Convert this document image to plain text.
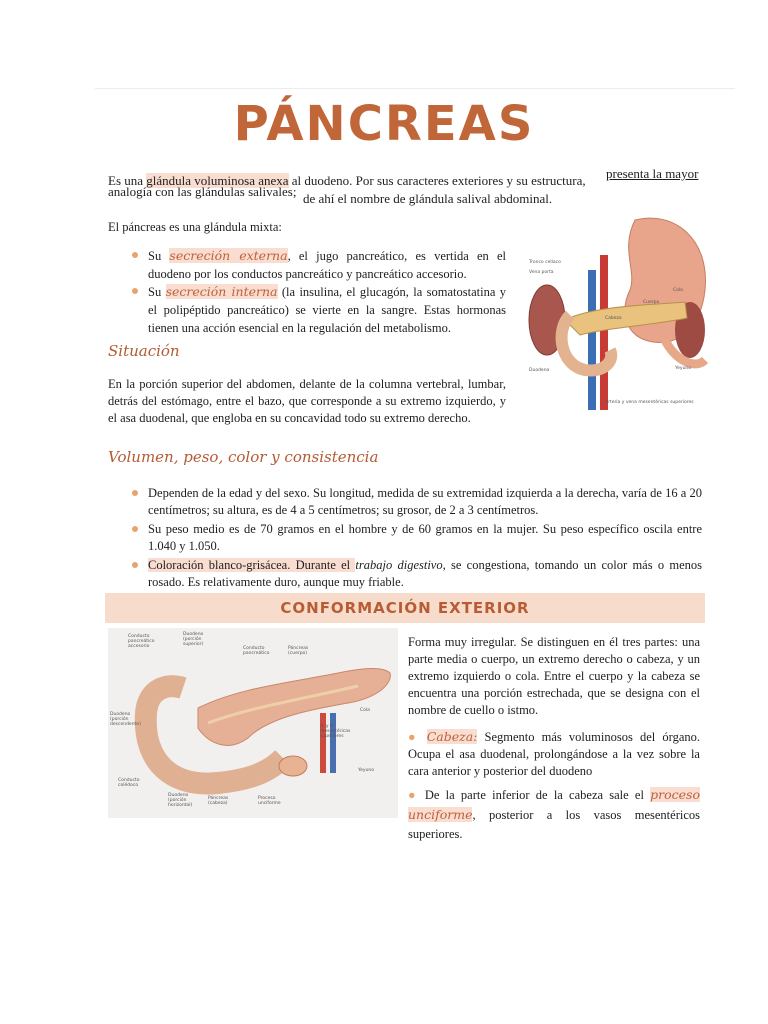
PÁNCREAS
Es una glándula voluminosa anexa al duodeno. Por sus caracteres exteriores y su estructura,	presenta la mayor
analogía con las glándulas salivales; de ahí el nombre de glándula salival abdominal.
El páncreas es una glándula mixta:
Su secreción externa, el jugo pancreático, es vertida en el duodeno por los conductos pancreático y pancreático accesorio.
Su secreción interna (la insulina, el glucagón, la somatostatina y el polipéptido pancreático) se vierte en la sangre. Estas hormonas tienen una acción esencial en la regulación del metabolismo.
Situación
En la porción superior del abdomen, delante de la columna vertebral, lumbar, detrás del estómago, entre el bazo, que corresponde a su extremo izquierdo, y el asa duodenal, que engloba en su concavidad todo su extremo derecho.
Volumen, peso, color y consistencia
Dependen de la edad y del sexo. Su longitud, medida de su extremidad izquierda a la derecha, varía de 16 a 20 centímetros; su altura, es de 4 a 5 centímetros; su grosor, de 2 a 3 centímetros.
Su peso medio es de 70 gramos en el hombre y de 60 gramos en la mujer. Su peso específico oscila entre 1.040 y 1.050.
Coloración blanco-grisácea. Durante el trabajo digestivo, se congestiona, tomando un color más o menos rosado. Es relativamente duro, aunque muy friable.
Tronco celíaco
Vena porta
Cola
Cuerpo
Cabeza
Duodeno	Yeyuno
Arteria y vena mesentéricas superiores
CONFORMACIÓN EXTERIOR
Conducto pancreático accesorio
Duodeno (porción superior)
Conducto pancreático
Páncreas (cuerpo)
Duodeno (porción descendente)
Cola
A. y V. mesentéricas superiores
Yeyuno
Conducto colédoco
Duodeno (porción horizontal)
Páncreas (cabeza)
Proceso unciforme
Forma muy irregular. Se distinguen en él tres partes: una parte media o cuerpo, un extremo derecho o cabeza, y un extremo izquierdo o cola. Entre el cuerpo y la cabeza se encuentra una porción estrechada, que se designa con el nombre de cuello o istmo.
● Cabeza: Segmento más voluminosos del órgano. Ocupa el asa duodenal, prolongándose a la vez sobre la cara anterior y posterior del duodeno
● De la parte inferior de la cabeza sale el proceso unciforme, posterior a los vasos mesentéricos superiores.
